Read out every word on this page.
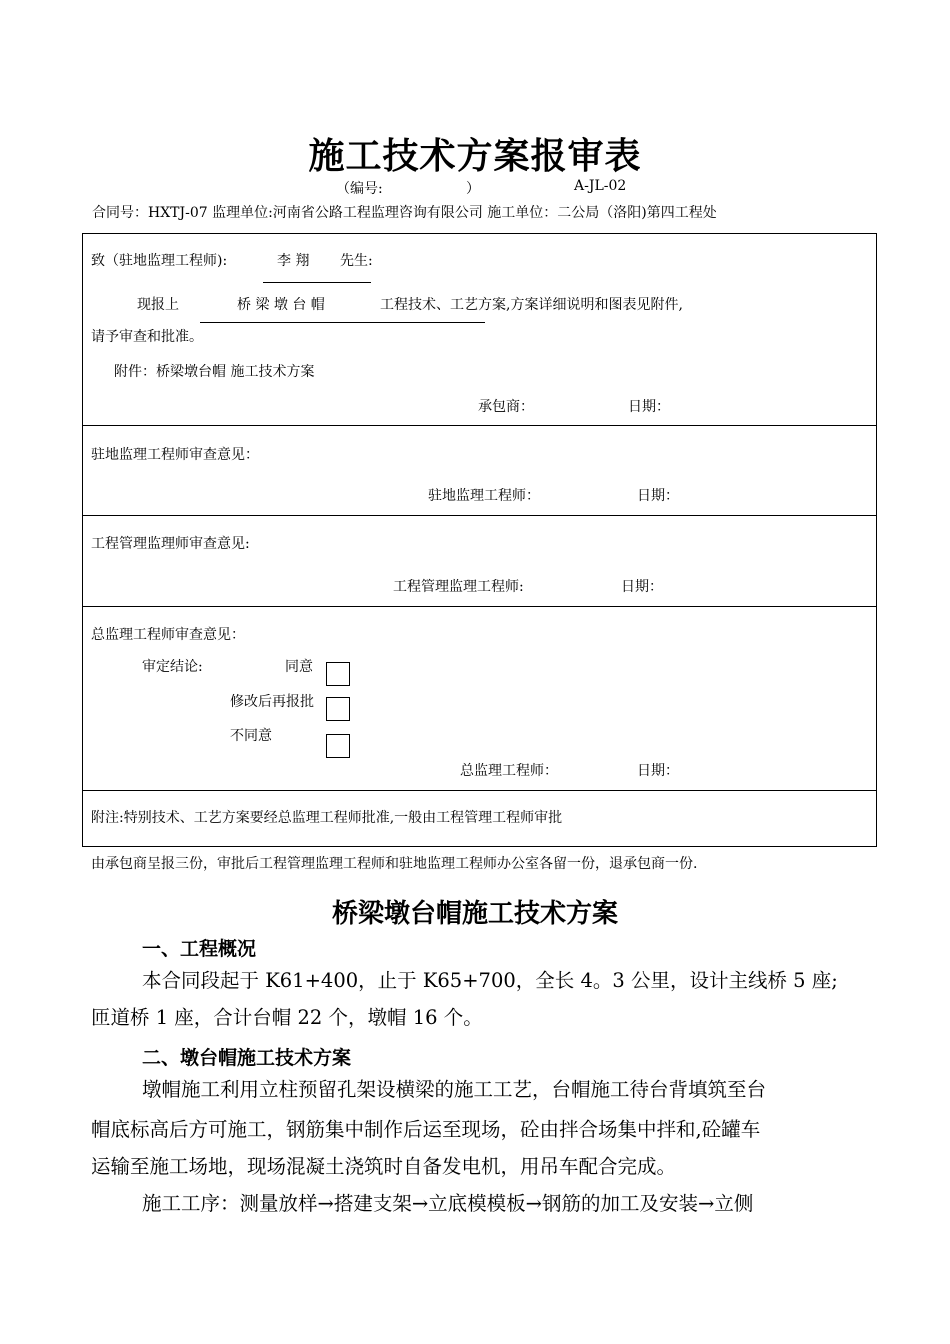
施工技术方案报审表
（编号:	）	A-JL-02
合同号：HXTJ-07 监理单位:河南省公路工程监理咨询有限公司 施工单位：二公局（洛阳)第四工程处
致（驻地监理工程师):	李 翔 先生:
现报上	桥 梁 墩 台 帽	工程技术、工艺方案,方案详细说明和图表见附件,
请予审查和批准。
附件：桥梁墩台帽 施工技术方案
承包商：	日期：
驻地监理工程师审查意见：
驻地监理工程师：	日期：
工程管理监理师审查意见:
工程管理监理工程师:	日期：
总监理工程师审查意见：
审定结论:	同意
修改后再报批
不同意
总监理工程师：	日期：
附注:特别技术、工艺方案要经总监理工程师批准,一般由工程管理工程师审批
由承包商呈报三份，审批后工程管理监理工程师和驻地监理工程师办公室各留一份，退承包商一份.
桥梁墩台帽施工技术方案
一、工程概况
本合同段起于 K61+400，止于 K65+700，全长 4。3 公里，设计主线桥 5 座;
匝道桥 1 座，合计台帽 22 个，墩帽 16 个。
二、墩台帽施工技术方案
墩帽施工利用立柱预留孔架设横梁的施工工艺，台帽施工待台背填筑至台
帽底标高后方可施工，钢筋集中制作后运至现场，砼由拌合场集中拌和,砼罐车
运输至施工场地，现场混凝土浇筑时自备发电机，用吊车配合完成。
施工工序：测量放样→搭建支架→立底模模板→钢筋的加工及安装→立侧
